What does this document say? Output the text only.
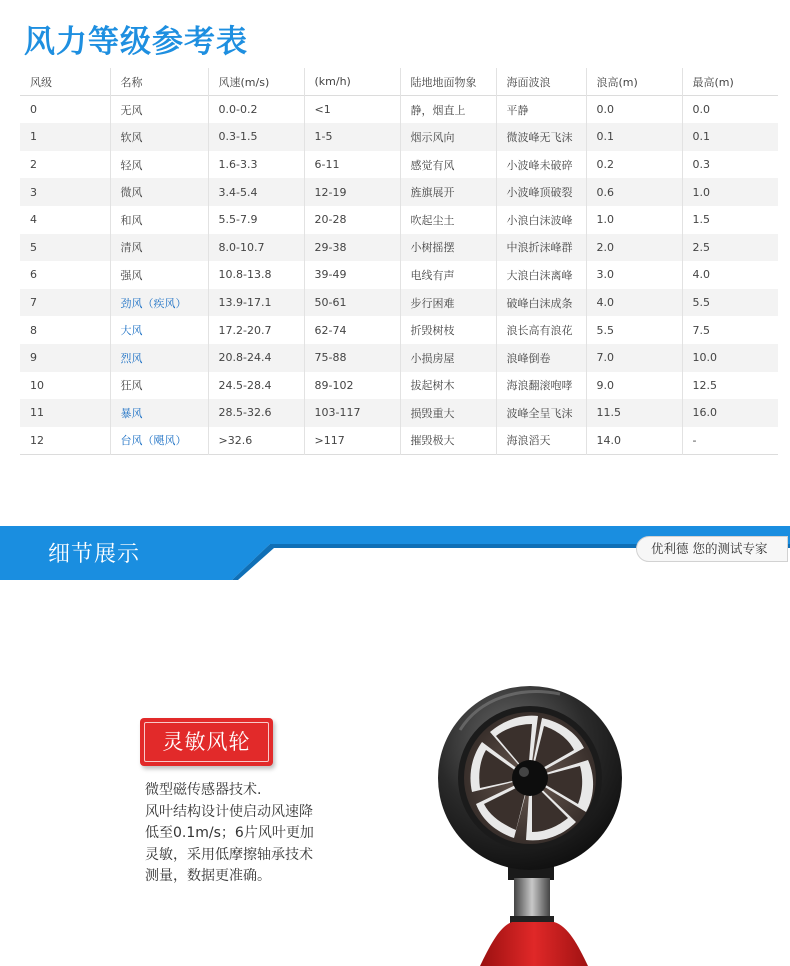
风力等级参考表
风级	名称	风速(m/s)	(km/h)	陆地地面物象	海面波浪	浪高(m)	最高(m)
0	无风	0.0-0.2	<1	静，烟直上	平静	0.0	0.0
1	软风	0.3-1.5	1-5	烟示风向	微波峰无飞沫	0.1	0.1
2	轻风	1.6-3.3	6-11	感觉有风	小波峰未破碎	0.2	0.3
3	微风	3.4-5.4	12-19	旌旗展开	小波峰顶破裂	0.6	1.0
4	和风	5.5-7.9	20-28	吹起尘土	小浪白沫波峰	1.0	1.5
5	清风	8.0-10.7	29-38	小树摇摆	中浪折沫峰群	2.0	2.5
6	强风	10.8-13.8	39-49	电线有声	大浪白沫离峰	3.0	4.0
7	劲风（疾风）	13.9-17.1	50-61	步行困难	破峰白沫成条	4.0	5.5
8	大风	17.2-20.7	62-74	折毁树枝	浪长高有浪花	5.5	7.5
9	烈风	20.8-24.4	75-88	小损房屋	浪峰倒卷	7.0	10.0
10	狂风	24.5-28.4	89-102	拔起树木	海浪翻滚咆哮	9.0	12.5
11	暴风	28.5-32.6	103-117	损毁重大	波峰全呈飞沫	11.5	16.0
12	台风（飓风）	>32.6	>117	摧毁极大	海浪滔天	14.0	-
细节展示	优利德 您的测试专家
灵敏风轮
微型磁传感器技术.
风叶结构设计使启动风速降
低至0.1m/s；6片风叶更加
灵敏，采用低摩擦轴承技术
测量，数据更准确。
